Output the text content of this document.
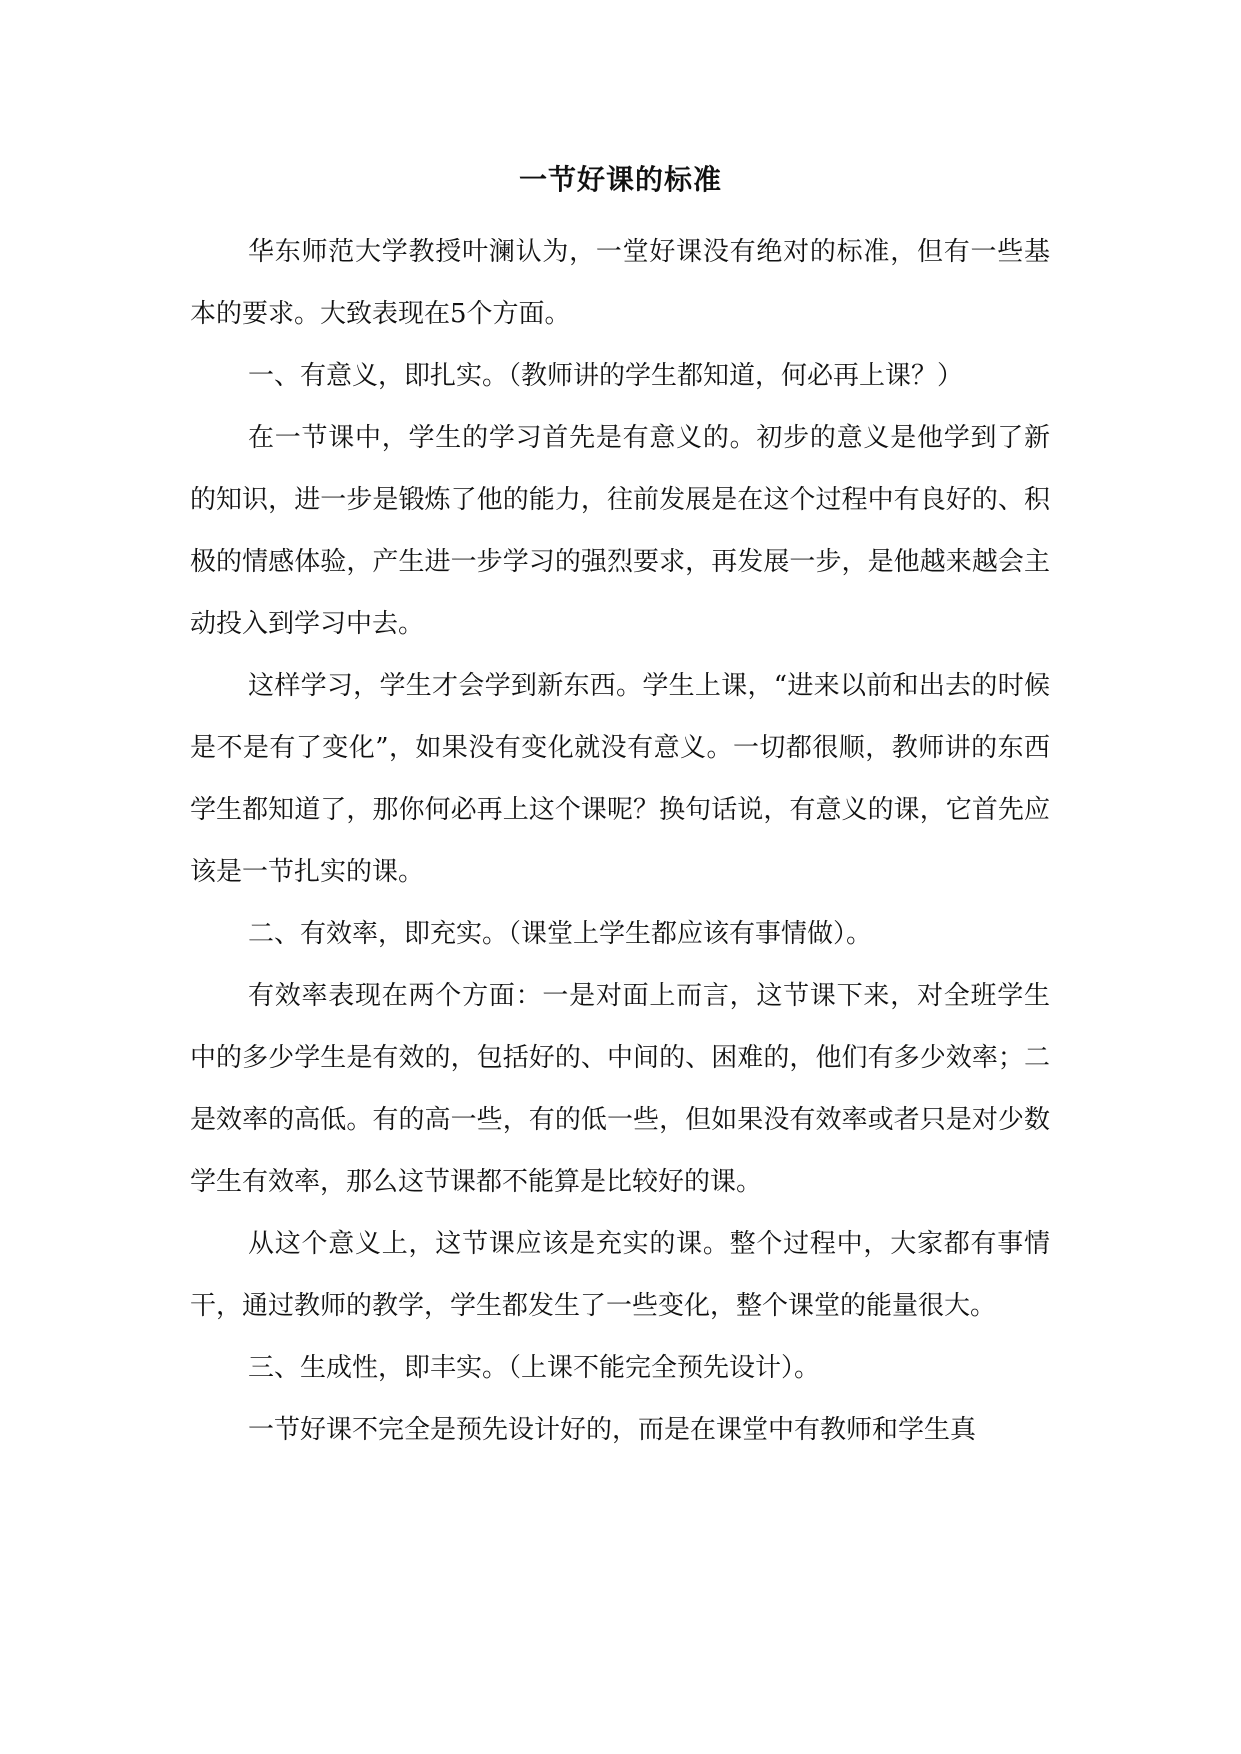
一节好课的标准

华东师范大学教授叶澜认为，一堂好课没有绝对的标准，但有一些基本的要求。大致表现在5个方面。

一、有意义，即扎实。（教师讲的学生都知道，何必再上课？）

在一节课中，学生的学习首先是有意义的。初步的意义是他学到了新的知识，进一步是锻炼了他的能力，往前发展是在这个过程中有良好的、积极的情感体验，产生进一步学习的强烈要求，再发展一步，是他越来越会主动投入到学习中去。

这样学习，学生才会学到新东西。学生上课，“进来以前和出去的时候是不是有了变化”，如果没有变化就没有意义。一切都很顺，教师讲的东西学生都知道了，那你何必再上这个课呢？换句话说，有意义的课，它首先应该是一节扎实的课。

二、有效率，即充实。（课堂上学生都应该有事情做）。

有效率表现在两个方面：一是对面上而言，这节课下来，对全班学生中的多少学生是有效的，包括好的、中间的、困难的，他们有多少效率；二是效率的高低。有的高一些，有的低一些，但如果没有效率或者只是对少数学生有效率，那么这节课都不能算是比较好的课。

从这个意义上，这节课应该是充实的课。整个过程中，大家都有事情干，通过教师的教学，学生都发生了一些变化，整个课堂的能量很大。

三、生成性，即丰实。（上课不能完全预先设计）。

一节好课不完全是预先设计好的，而是在课堂中有教师和学生真
